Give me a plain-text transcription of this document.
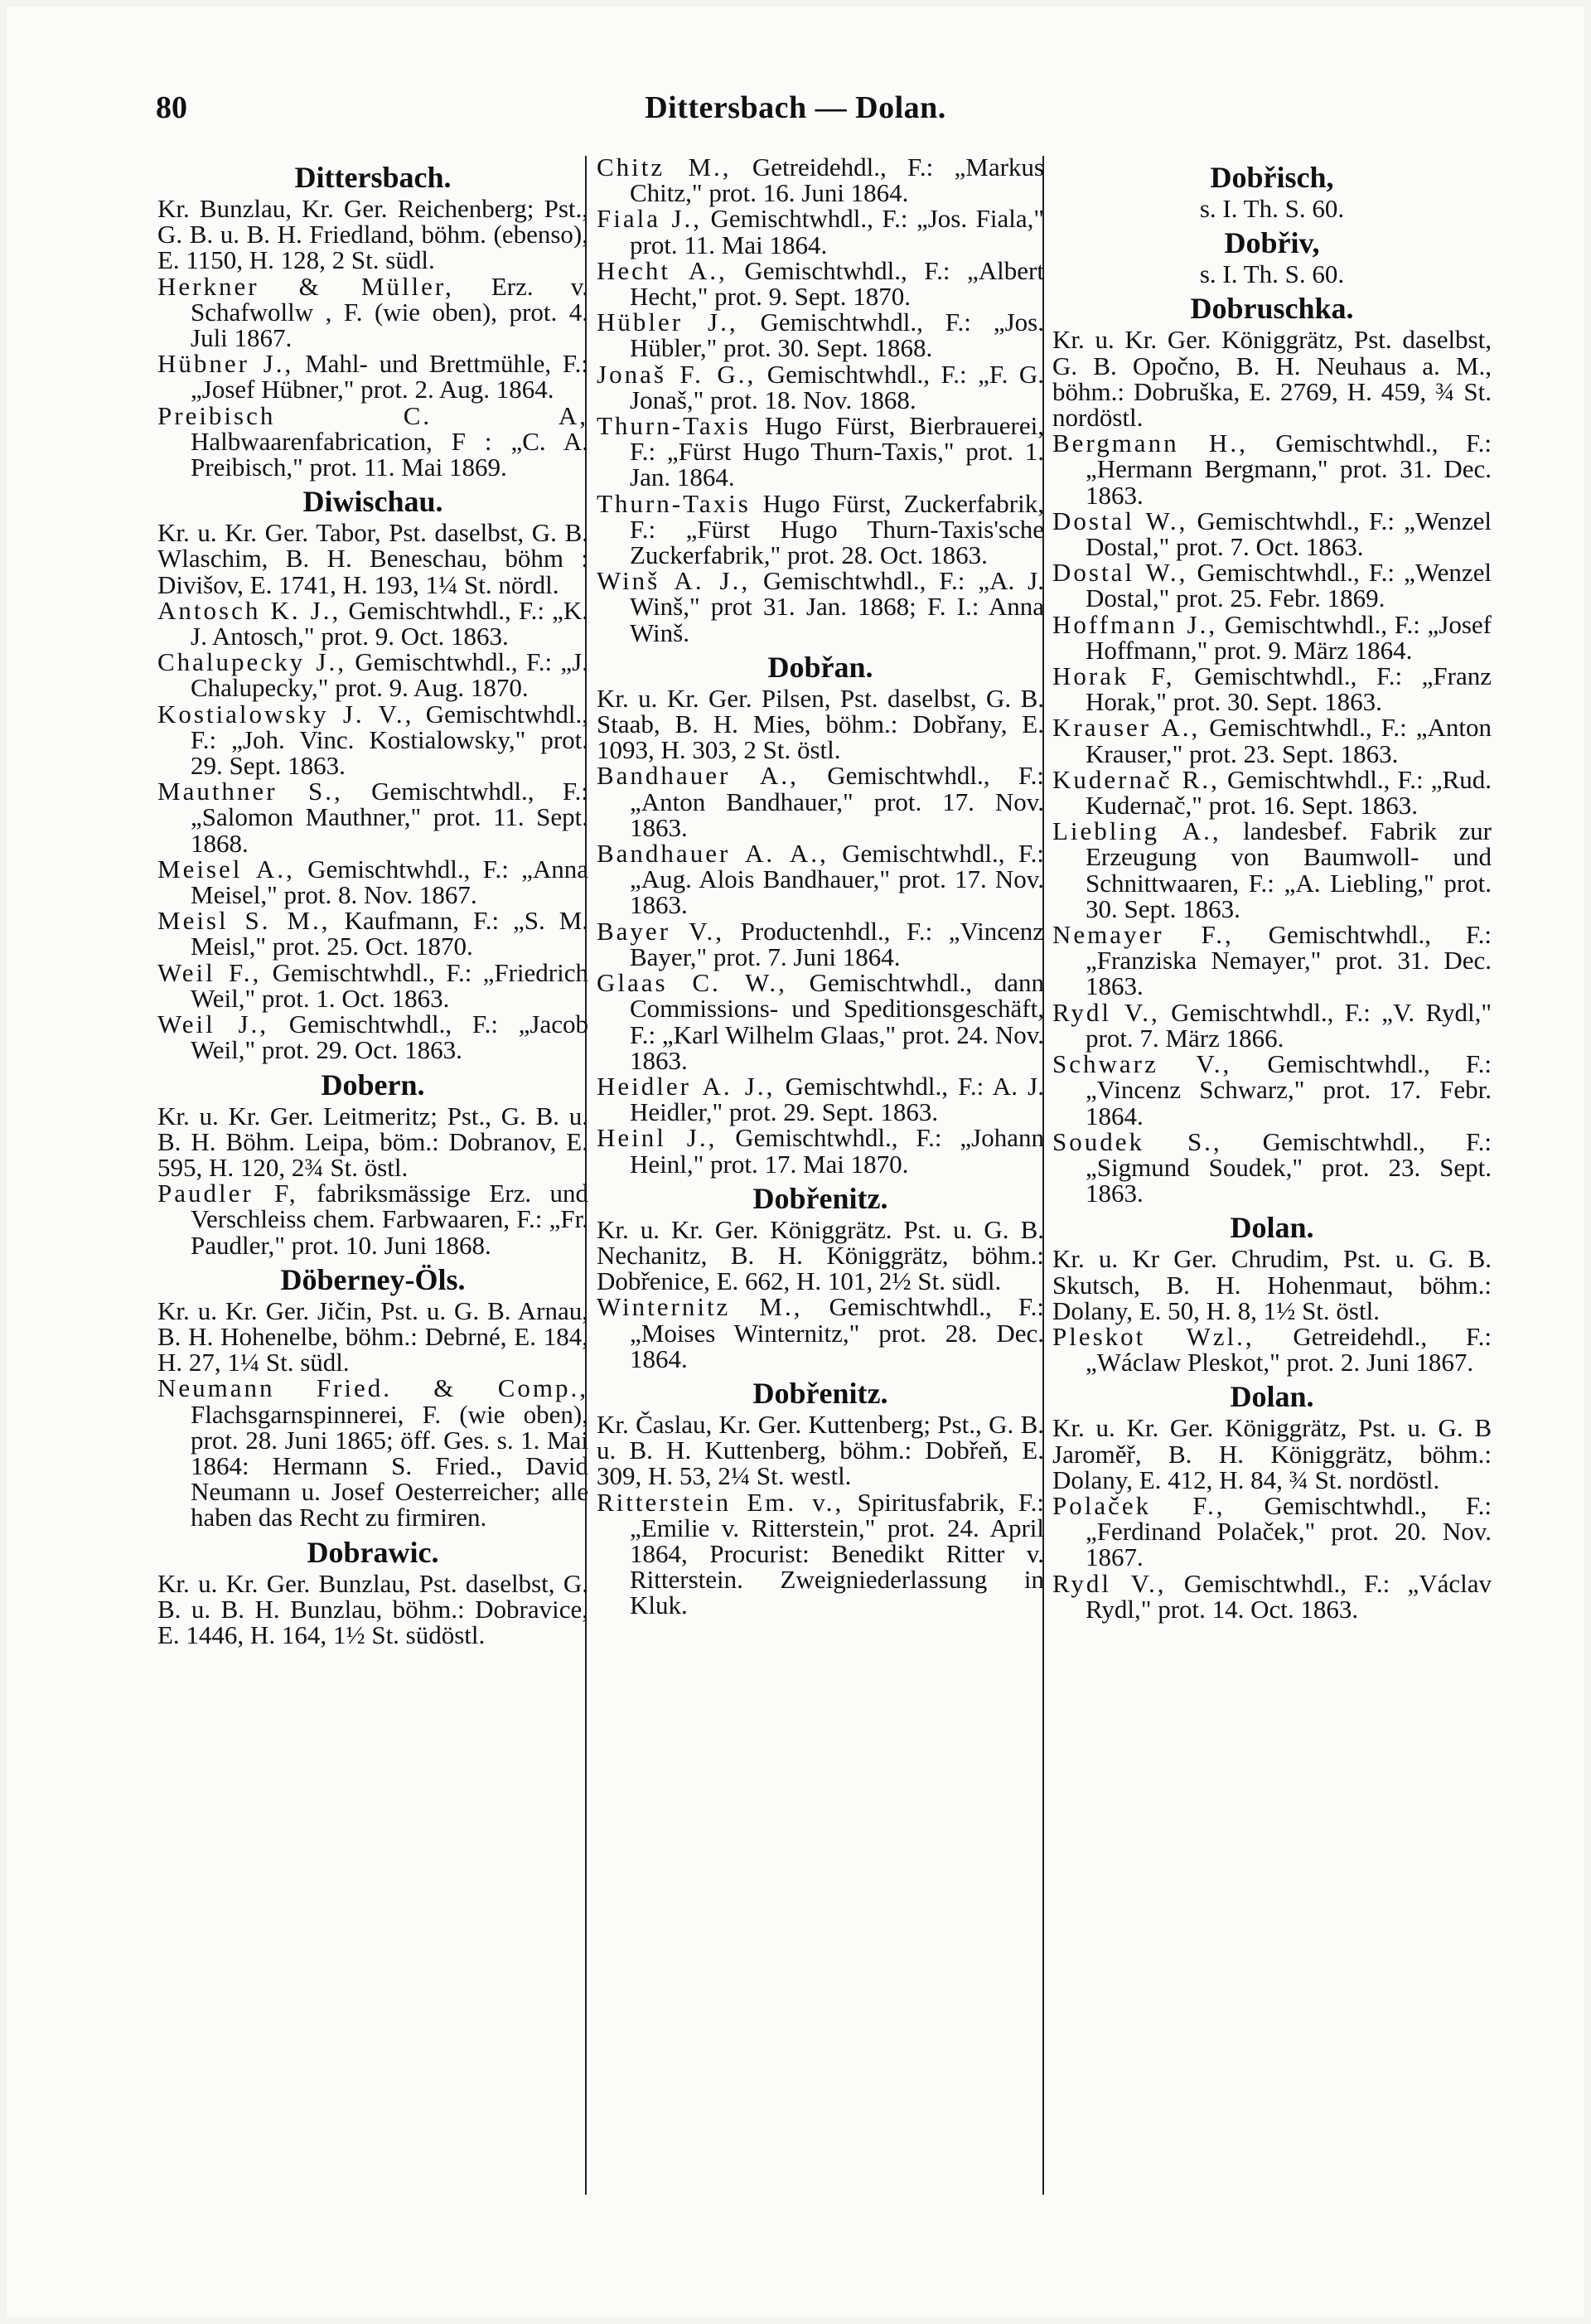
80	Dittersbach — Dolan.
Dittersbach.
Kr. Bunzlau, Kr. Ger. Reichenberg; Pst., G. B. u. B. H. Friedland, böhm. (ebenso), E. 1150, H. 128, 2 St. südl.
Herkner & Müller, Erz. v. Schafwollw , F. (wie oben), prot. 4. Juli 1867.
Hübner J., Mahl- und Brettmühle, F.: „Josef Hübner," prot. 2. Aug. 1864.
Preibisch C. A, Halbwaarenfabrication, F : „C. A. Preibisch," prot. 11. Mai 1869.
Diwischau.
Kr. u. Kr. Ger. Tabor, Pst. daselbst, G. B. Wlaschim, B. H. Beneschau, böhm : Divišov, E. 1741, H. 193, 1¼ St. nördl.
Antosch K. J., Gemischtwhdl., F.: „K. J. Antosch," prot. 9. Oct. 1863.
Chalupecky J., Gemischtwhdl., F.: „J. Chalupecky," prot. 9. Aug. 1870.
Kostialowsky J. V., Gemischtwhdl., F.: „Joh. Vinc. Kostialowsky," prot. 29. Sept. 1863.
Mauthner S., Gemischtwhdl., F.: „Salomon Mauthner," prot. 11. Sept. 1868.
Meisel A., Gemischtwhdl., F.: „Anna Meisel," prot. 8. Nov. 1867.
Meisl S. M., Kaufmann, F.: „S. M. Meisl," prot. 25. Oct. 1870.
Weil F., Gemischtwhdl., F.: „Friedrich Weil," prot. 1. Oct. 1863.
Weil J., Gemischtwhdl., F.: „Jacob Weil," prot. 29. Oct. 1863.
Dobern.
Kr. u. Kr. Ger. Leitmeritz; Pst., G. B. u. B. H. Böhm. Leipa, böm.: Dobranov, E. 595, H. 120, 2¾ St. östl.
Paudler F, fabriksmässige Erz. und Verschleiss chem. Farbwaaren, F.: „Fr. Paudler," prot. 10. Juni 1868.
Döberney-Öls.
Kr. u. Kr. Ger. Jičin, Pst. u. G. B. Arnau, B. H. Hohenelbe, böhm.: Debrné, E. 184, H. 27, 1¼ St. südl.
Neumann Fried. & Comp., Flachsgarnspinnerei, F. (wie oben), prot. 28. Juni 1865; öff. Ges. s. 1. Mai 1864: Hermann S. Fried., David Neumann u. Josef Oesterreicher; alle haben das Recht zu firmiren.
Dobrawic.
Kr. u. Kr. Ger. Bunzlau, Pst. daselbst, G. B. u. B. H. Bunzlau, böhm.: Dobravice, E. 1446, H. 164, 1½ St. südöstl.
Chitz M., Getreidehdl., F.: „Markus Chitz," prot. 16. Juni 1864.
Fiala J., Gemischtwhdl., F.: „Jos. Fiala," prot. 11. Mai 1864.
Hecht A., Gemischtwhdl., F.: „Albert Hecht," prot. 9. Sept. 1870.
Hübler J., Gemischtwhdl., F.: „Jos. Hübler," prot. 30. Sept. 1868.
Jonaš F. G., Gemischtwhdl., F.: „F. G. Jonaš," prot. 18. Nov. 1868.
Thurn-Taxis Hugo Fürst, Bierbrauerei, F.: „Fürst Hugo Thurn-Taxis," prot. 1. Jan. 1864.
Thurn-Taxis Hugo Fürst, Zuckerfabrik, F.: „Fürst Hugo Thurn-Taxis'sche Zuckerfabrik," prot. 28. Oct. 1863.
Winš A. J., Gemischtwhdl., F.: „A. J. Winš," prot 31. Jan. 1868; F. I.: Anna Winš.
Dobřan.
Kr. u. Kr. Ger. Pilsen, Pst. daselbst, G. B. Staab, B. H. Mies, böhm.: Dobřany, E. 1093, H. 303, 2 St. östl.
Bandhauer A., Gemischtwhdl., F.: „Anton Bandhauer," prot. 17. Nov. 1863.
Bandhauer A. A., Gemischtwhdl., F.: „Aug. Alois Bandhauer," prot. 17. Nov. 1863.
Bayer V., Productenhdl., F.: „Vincenz Bayer," prot. 7. Juni 1864.
Glaas C. W., Gemischtwhdl., dann Commissions- und Speditionsgeschäft, F.: „Karl Wilhelm Glaas," prot. 24. Nov. 1863.
Heidler A. J., Gemischtwhdl., F.: A. J. Heidler," prot. 29. Sept. 1863.
Heinl J., Gemischtwhdl., F.: „Johann Heinl," prot. 17. Mai 1870.
Dobřenitz.
Kr. u. Kr. Ger. Königgrätz. Pst. u. G. B. Nechanitz, B. H. Königgrätz, böhm.: Dobřenice, E. 662, H. 101, 2½ St. südl.
Winternitz M., Gemischtwhdl., F.: „Moises Winternitz," prot. 28. Dec. 1864.
Dobřenitz.
Kr. Časlau, Kr. Ger. Kuttenberg; Pst., G. B. u. B. H. Kuttenberg, böhm.: Dobřeň, E. 309, H. 53, 2¼ St. westl.
Ritterstein Em. v., Spiritusfabrik, F.: „Emilie v. Ritterstein," prot. 24. April 1864, Procurist: Benedikt Ritter v. Ritterstein. Zweigniederlassung in Kluk.
Dobřisch,
s. I. Th. S. 60.
Dobřiv,
s. I. Th. S. 60.
Dobruschka.
Kr. u. Kr. Ger. Königgrätz, Pst. daselbst, G. B. Opočno, B. H. Neuhaus a. M., böhm.: Dobruška, E. 2769, H. 459, ¾ St. nordöstl.
Bergmann H., Gemischtwhdl., F.: „Hermann Bergmann," prot. 31. Dec. 1863.
Dostal W., Gemischtwhdl., F.: „Wenzel Dostal," prot. 7. Oct. 1863.
Dostal W., Gemischtwhdl., F.: „Wenzel Dostal," prot. 25. Febr. 1869.
Hoffmann J., Gemischtwhdl., F.: „Josef Hoffmann," prot. 9. März 1864.
Horak F, Gemischtwhdl., F.: „Franz Horak," prot. 30. Sept. 1863.
Krauser A., Gemischtwhdl., F.: „Anton Krauser," prot. 23. Sept. 1863.
Kudernač R., Gemischtwhdl., F.: „Rud. Kudernač," prot. 16. Sept. 1863.
Liebling A., landesbef. Fabrik zur Erzeugung von Baumwoll- und Schnittwaaren, F.: „A. Liebling," prot. 30. Sept. 1863.
Nemayer F., Gemischtwhdl., F.: „Franziska Nemayer," prot. 31. Dec. 1863.
Rydl V., Gemischtwhdl., F.: „V. Rydl," prot. 7. März 1866.
Schwarz V., Gemischtwhdl., F.: „Vincenz Schwarz," prot. 17. Febr. 1864.
Soudek S., Gemischtwhdl., F.: „Sigmund Soudek," prot. 23. Sept. 1863.
Dolan.
Kr. u. Kr Ger. Chrudim, Pst. u. G. B. Skutsch, B. H. Hohenmaut, böhm.: Dolany, E. 50, H. 8, 1½ St. östl.
Pleskot Wzl., Getreidehdl., F.: „Wáclaw Pleskot," prot. 2. Juni 1867.
Dolan.
Kr. u. Kr. Ger. Königgrätz, Pst. u. G. B Jaroměř, B. H. Königgrätz, böhm.: Dolany, E. 412, H. 84, ¾ St. nordöstl.
Polaček F., Gemischtwhdl., F.: „Ferdinand Polaček," prot. 20. Nov. 1867.
Rydl V., Gemischtwhdl., F.: „Václav Rydl," prot. 14. Oct. 1863.
